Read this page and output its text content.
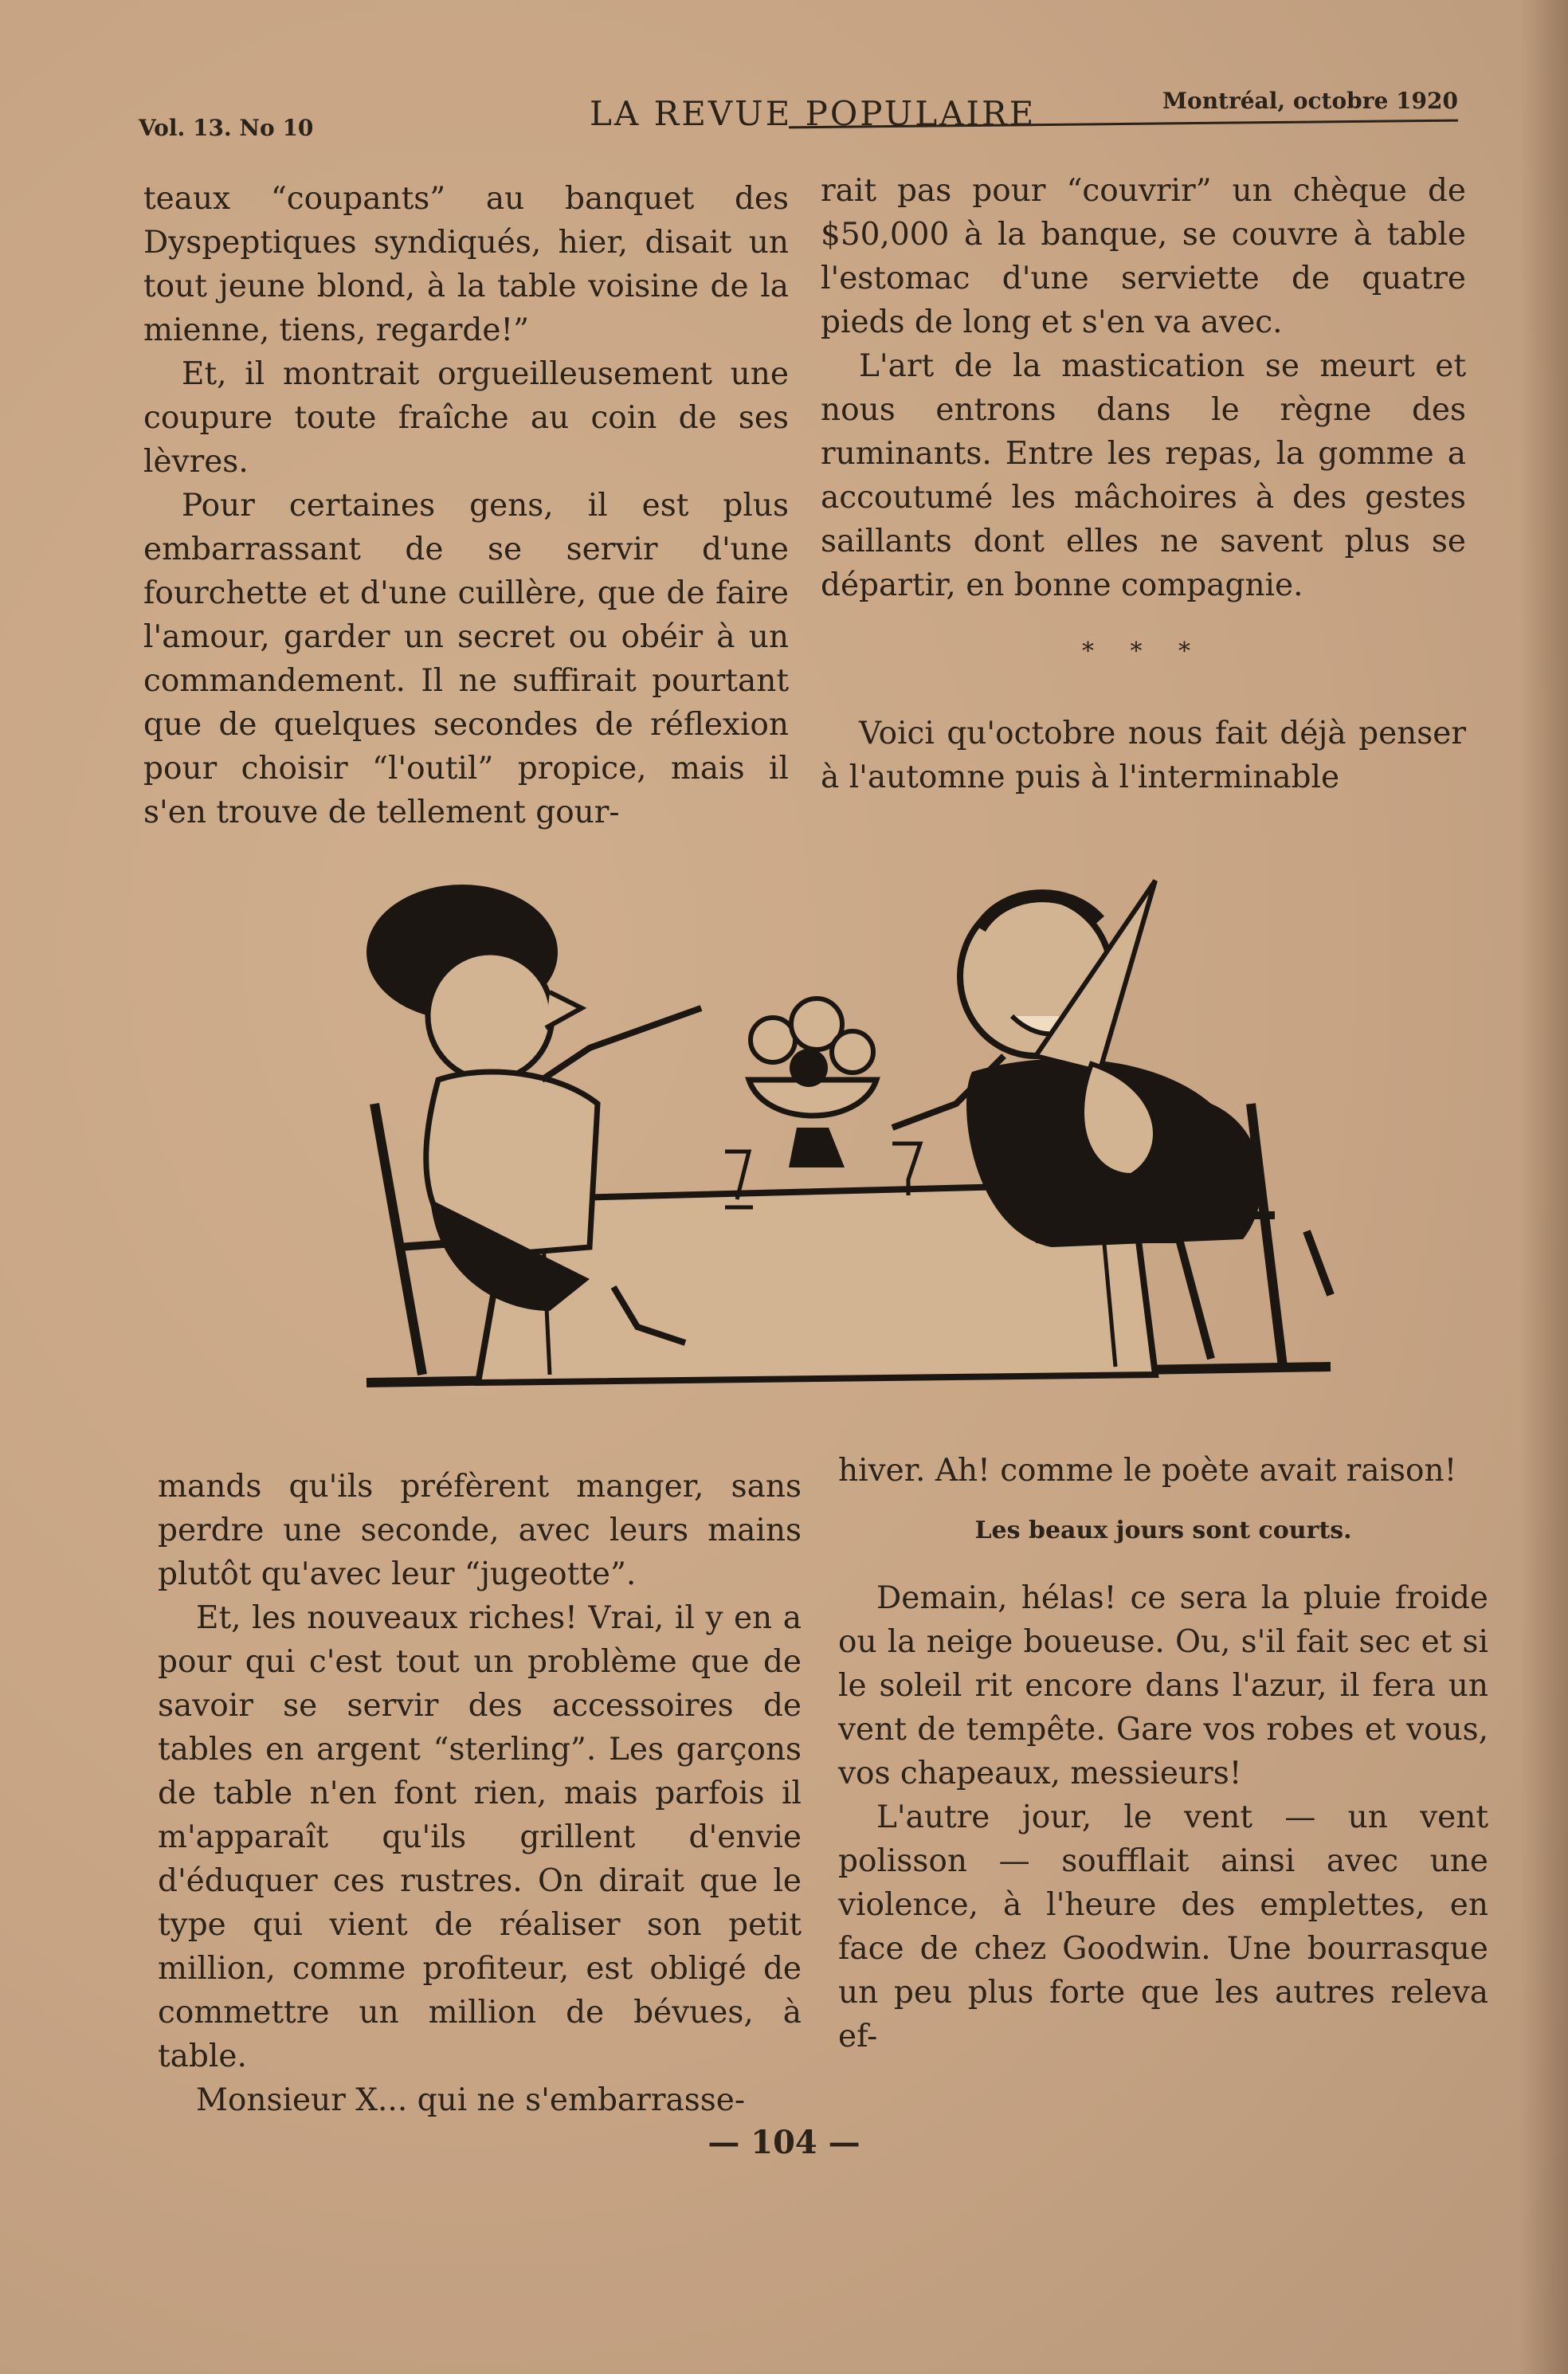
Vol. 13. No 10	LA REVUE POPULAIRE	Montréal, octobre 1920

teaux “coupants” au banquet des Dyspeptiques syndiqués, hier, disait un tout jeune blond, à la table voisine de la mienne, tiens, regarde!”

Et, il montrait orgueilleusement une coupure toute fraîche au coin de ses lèvres.

Pour certaines gens, il est plus embarrassant de se servir d'une fourchette et d'une cuillère, que de faire l'amour, garder un secret ou obéir à un commandement. Il ne suffirait pourtant que de quelques secondes de réflexion pour choisir “l'outil” propice, mais il s'en trouve de tellement gour-

rait pas pour “couvrir” un chèque de $50,000 à la banque, se couvre à table l'estomac d'une serviette de quatre pieds de long et s'en va avec.

L'art de la mastication se meurt et nous entrons dans le règne des ruminants. Entre les repas, la gomme a accoutumé les mâchoires à des gestes saillants dont elles ne savent plus se départir, en bonne compagnie.

* * *

Voici qu'octobre nous fait déjà penser à l'automne puis à l'interminable

mands qu'ils préfèrent manger, sans perdre une seconde, avec leurs mains plutôt qu'avec leur “jugeotte”.

Et, les nouveaux riches! Vrai, il y en a pour qui c'est tout un problème que de savoir se servir des accessoires de tables en argent “sterling”. Les garçons de table n'en font rien, mais parfois il m'apparaît qu'ils grillent d'envie d'éduquer ces rustres. On dirait que le type qui vient de réaliser son petit million, comme profiteur, est obligé de commettre un million de bévues, à table.

Monsieur X... qui ne s'embarrasse-

hiver. Ah! comme le poète avait raison!

Les beaux jours sont courts.

Demain, hélas! ce sera la pluie froide ou la neige boueuse. Ou, s'il fait sec et si le soleil rit encore dans l'azur, il fera un vent de tempête. Gare vos robes et vous, vos chapeaux, messieurs!

L'autre jour, le vent — un vent polisson — soufflait ainsi avec une violence, à l'heure des emplettes, en face de chez Goodwin. Une bourrasque un peu plus forte que les autres releva ef-

— 104 —
